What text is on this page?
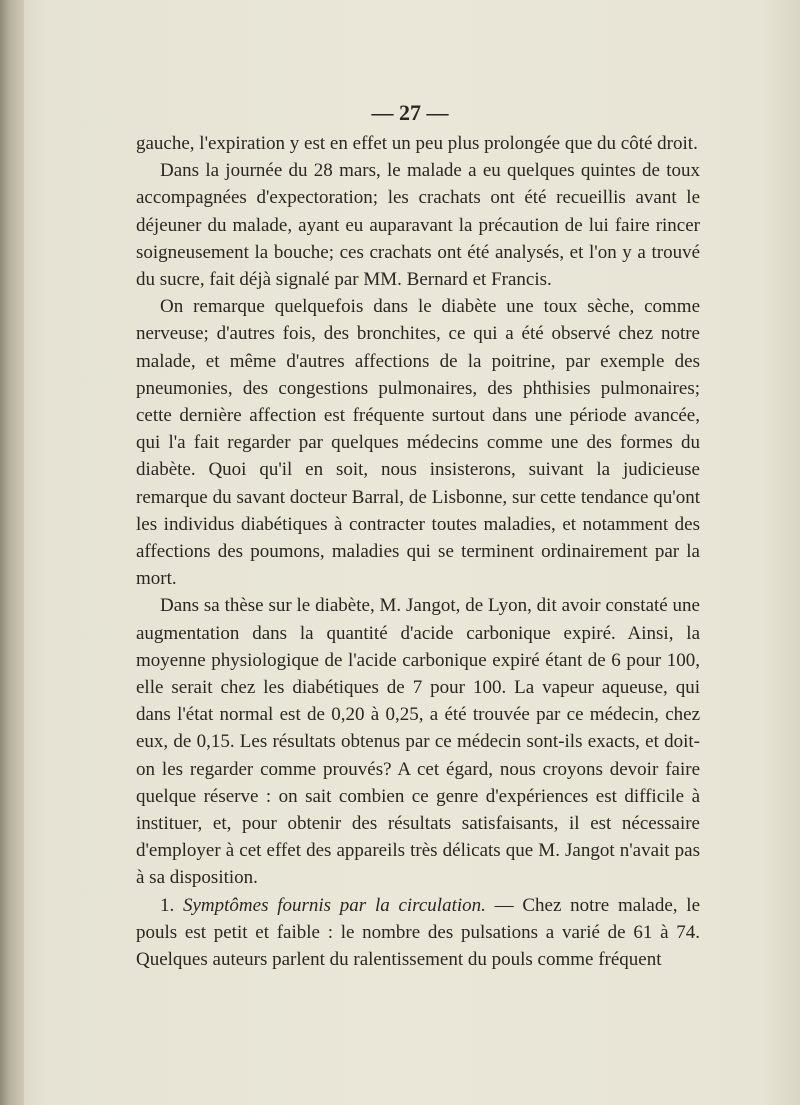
— 27 —

gauche, l'expiration y est en effet un peu plus prolongée que du côté droit.

Dans la journée du 28 mars, le malade a eu quelques quintes de toux accompagnées d'expectoration; les crachats ont été recueillis avant le déjeuner du malade, ayant eu auparavant la précaution de lui faire rincer soigneusement la bouche; ces crachats ont été analysés, et l'on y a trouvé du sucre, fait déjà signalé par MM. Bernard et Francis.

On remarque quelquefois dans le diabète une toux sèche, comme nerveuse; d'autres fois, des bronchites, ce qui a été observé chez notre malade, et même d'autres affections de la poitrine, par exemple des pneumonies, des congestions pulmonaires, des phthisies pulmonaires; cette dernière affection est fréquente surtout dans une période avancée, qui l'a fait regarder par quelques médecins comme une des formes du diabète. Quoi qu'il en soit, nous insisterons, suivant la judicieuse remarque du savant docteur Barral, de Lisbonne, sur cette tendance qu'ont les individus diabétiques à contracter toutes maladies, et notamment des affections des poumons, maladies qui se terminent ordinairement par la mort.

Dans sa thèse sur le diabète, M. Jangot, de Lyon, dit avoir constaté une augmentation dans la quantité d'acide carbonique expiré. Ainsi, la moyenne physiologique de l'acide carbonique expiré étant de 6 pour 100, elle serait chez les diabétiques de 7 pour 100. La vapeur aqueuse, qui dans l'état normal est de 0,20 à 0,25, a été trouvée par ce médecin, chez eux, de 0,15. Les résultats obtenus par ce médecin sont-ils exacts, et doit-on les regarder comme prouvés? A cet égard, nous croyons devoir faire quelque réserve : on sait combien ce genre d'expériences est difficile à instituer, et, pour obtenir des résultats satisfaisants, il est nécessaire d'employer à cet effet des appareils très délicats que M. Jangot n'avait pas à sa disposition.

1. Symptômes fournis par la circulation. — Chez notre malade, le pouls est petit et faible : le nombre des pulsations a varié de 61 à 74. Quelques auteurs parlent du ralentissement du pouls comme fréquent
